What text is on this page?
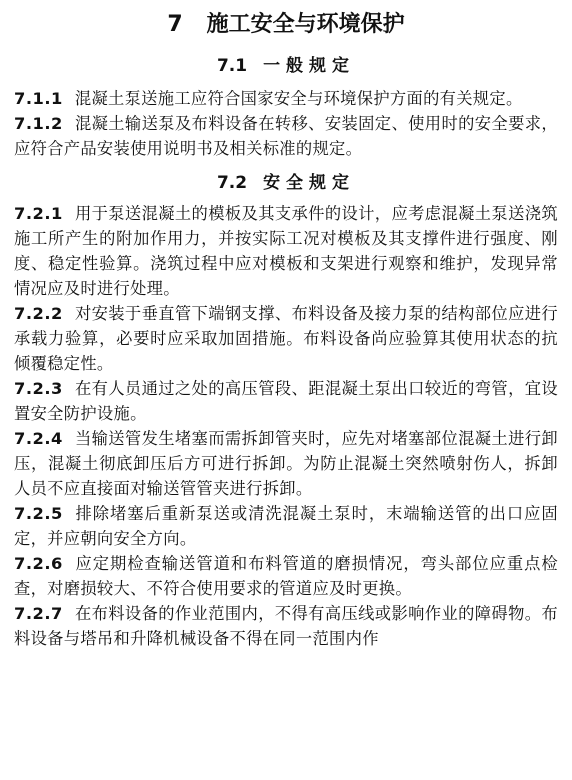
7 施工安全与环境保护
7.1 一般规定

7.1.1 混凝土泵送施工应符合国家安全与环境保护方面的有关规定。

7.1.2 混凝土输送泵及布料设备在转移、安装固定、使用时的安全要求，应符合产品安装使用说明书及相关标准的规定。

7.2 安全规定

7.2.1 用于泵送混凝土的模板及其支承件的设计，应考虑混凝土泵送浇筑施工所产生的附加作用力，并按实际工况对模板及其支撑件进行强度、刚度、稳定性验算。浇筑过程中应对模板和支架进行观察和维护，发现异常情况应及时进行处理。

7.2.2 对安装于垂直管下端钢支撑、布料设备及接力泵的结构部位应进行承载力验算，必要时应采取加固措施。布料设备尚应验算其使用状态的抗倾覆稳定性。

7.2.3 在有人员通过之处的高压管段、距混凝土泵出口较近的弯管，宜设置安全防护设施。

7.2.4 当输送管发生堵塞而需拆卸管夹时，应先对堵塞部位混凝土进行卸压，混凝土彻底卸压后方可进行拆卸。为防止混凝土突然喷射伤人，拆卸人员不应直接面对输送管管夹进行拆卸。

7.2.5 排除堵塞后重新泵送或清洗混凝土泵时，末端输送管的出口应固定，并应朝向安全方向。

7.2.6 应定期检查输送管道和布料管道的磨损情况，弯头部位应重点检查，对磨损较大、不符合使用要求的管道应及时更换。

7.2.7 在布料设备的作业范围内，不得有高压线或影响作业的障碍物。布料设备与塔吊和升降机械设备不得在同一范围内作
